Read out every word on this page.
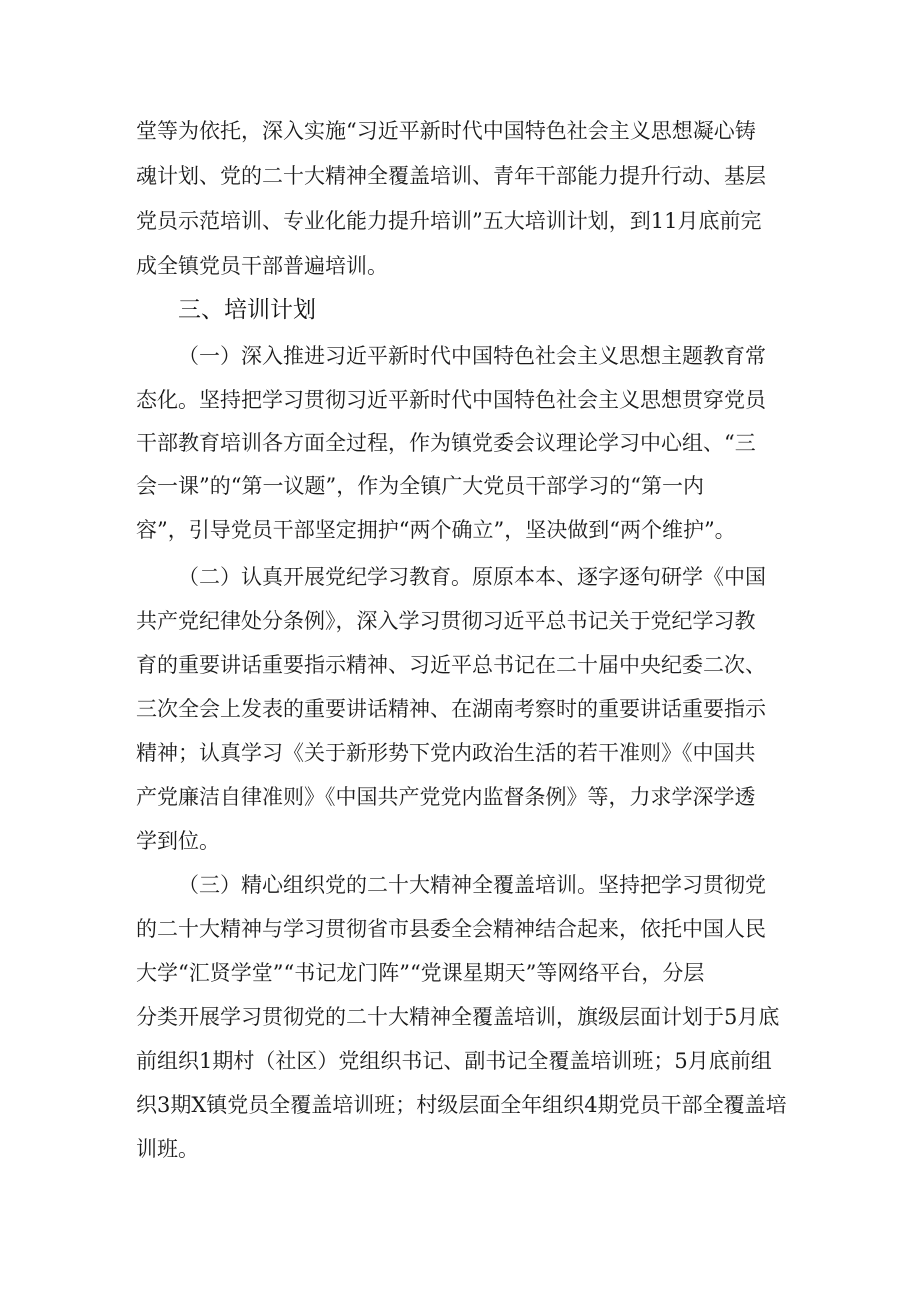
堂等为依托，深入实施“习近平新时代中国特色社会主义思想凝心铸
魂计划、党的二十大精神全覆盖培训、青年干部能力提升行动、基层
党员示范培训、专业化能力提升培训”五大培训计划，到11月底前完
成全镇党员干部普遍培训。
三、培训计划
（一）深入推进习近平新时代中国特色社会主义思想主题教育常
态化。坚持把学习贯彻习近平新时代中国特色社会主义思想贯穿党员
干部教育培训各方面全过程，作为镇党委会议理论学习中心组、“三
会一课”的“第一议题”，作为全镇广大党员干部学习的“第一内
容”，引导党员干部坚定拥护“两个确立”，坚决做到“两个维护”。
（二）认真开展党纪学习教育。原原本本、逐字逐句研学《中国
共产党纪律处分条例》，深入学习贯彻习近平总书记关于党纪学习教
育的重要讲话重要指示精神、习近平总书记在二十届中央纪委二次、
三次全会上发表的重要讲话精神、在湖南考察时的重要讲话重要指示
精神；认真学习《关于新形势下党内政治生活的若干准则》《中国共
产党廉洁自律准则》《中国共产党党内监督条例》等，力求学深学透
学到位。
（三）精心组织党的二十大精神全覆盖培训。坚持把学习贯彻党
的二十大精神与学习贯彻省市县委全会精神结合起来，依托中国人民
大学“汇贤学堂”“书记龙门阵”“党课星期天”等网络平台，分层
分类开展学习贯彻党的二十大精神全覆盖培训，旗级层面计划于5月底
前组织1期村（社区）党组织书记、副书记全覆盖培训班；5月底前组
织3期X镇党员全覆盖培训班；村级层面全年组织4期党员干部全覆盖培
训班。
